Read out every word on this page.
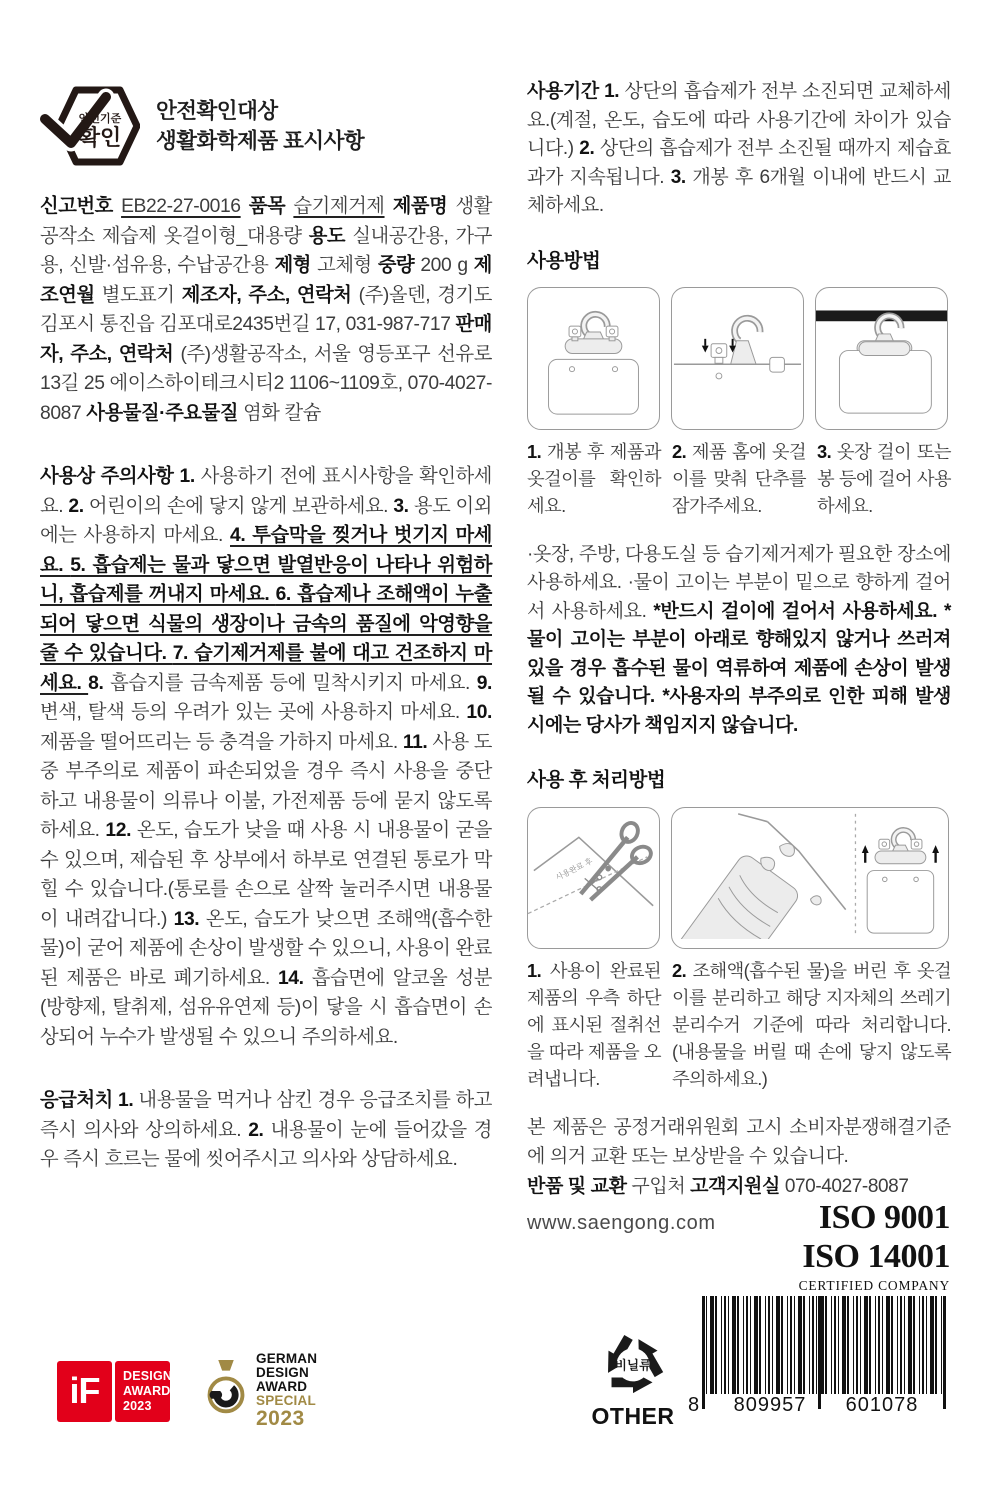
안전기준
확인
안전확인대상
생활화학제품 표시사항

신고번호 EB22-27-0016 품목 습기제거제 제품명 생활공작소 제습제 옷걸이형_대용량 용도 실내공간용, 가구용, 신발·섬유용, 수납공간용 제형 고체형 중량 200 g 제조연월 별도표기 제조자, 주소, 연락처 (주)올덴, 경기도 김포시 통진읍 김포대로2435번길 17, 031-987-717 판매자, 주소, 연락처 (주)생활공작소, 서울 영등포구 선유로13길 25 에이스하이테크시티2 1106~1109호, 070-4027-8087 사용물질·주요물질 염화 칼슘

사용상 주의사항 1. 사용하기 전에 표시사항을 확인하세요. 2. 어린이의 손에 닿지 않게 보관하세요. 3. 용도 이외에는 사용하지 마세요. 4. 투습막을 찢거나 벗기지 마세요. 5. 흡습제는 물과 닿으면 발열반응이 나타나 위험하니, 흡습제를 꺼내지 마세요. 6. 흡습제나 조해액이 누출되어 닿으면 식물의 생장이나 금속의 품질에 악영향을 줄 수 있습니다. 7. 습기제거제를 불에 대고 건조하지 마세요. 8. 흡습지를 금속제품 등에 밀착시키지 마세요. 9. 변색, 탈색 등의 우려가 있는 곳에 사용하지 마세요. 10. 제품을 떨어뜨리는 등 충격을 가하지 마세요. 11. 사용 도중 부주의로 제품이 파손되었을 경우 즉시 사용을 중단하고 내용물이 의류나 이불, 가전제품 등에 묻지 않도록 하세요. 12. 온도, 습도가 낮을 때 사용 시 내용물이 굳을 수 있으며, 제습된 후 상부에서 하부로 연결된 통로가 막힐 수 있습니다.(통로를 손으로 살짝 눌러주시면 내용물이 내려갑니다.) 13. 온도, 습도가 낮으면 조해액(흡수한 물)이 굳어 제품에 손상이 발생할 수 있으니, 사용이 완료된 제품은 바로 폐기하세요. 14. 흡습면에 알코올 성분(방향제, 탈취제, 섬유유연제 등)이 닿을 시 흡습면이 손상되어 누수가 발생될 수 있으니 주의하세요.

응급처치 1. 내용물을 먹거나 삼킨 경우 응급조치를 하고 즉시 의사와 상의하세요. 2. 내용물이 눈에 들어갔을 경우 즉시 흐르는 물에 씻어주시고 의사와 상담하세요.

사용기간 1. 상단의 흡습제가 전부 소진되면 교체하세요.(계절, 온도, 습도에 따라 사용기간에 차이가 있습니다.) 2. 상단의 흡습제가 전부 소진될 때까지 제습효과가 지속됩니다. 3. 개봉 후 6개월 이내에 반드시 교체하세요.

사용방법
1. 개봉 후 제품과 옷걸이를 확인하세요.
2. 제품 홈에 옷걸이를 맞춰 단추를 잠가주세요.
3. 옷장 걸이 또는 봉 등에 걸어 사용하세요.

·옷장, 주방, 다용도실 등 습기제거제가 필요한 장소에 사용하세요. ·물이 고이는 부분이 밑으로 향하게 걸어서 사용하세요. *반드시 걸이에 걸어서 사용하세요. *물이 고이는 부분이 아래로 향해있지 않거나 쓰러져 있을 경우 흡수된 물이 역류하여 제품에 손상이 발생될 수 있습니다. *사용자의 부주의로 인한 피해 발생 시에는 당사가 책임지지 않습니다.

사용 후 처리방법
사용완료 후
1. 사용이 완료된 제품의 우측 하단에 표시된 절취선을 따라 제품을 오려냅니다.
2. 조해액(흡수된 물)을 버린 후 옷걸이를 분리하고 해당 지자체의 쓰레기 분리수거 기준에 따라 처리합니다.(내용물을 버릴 때 손에 닿지 않도록 주의하세요.)

본 제품은 공정거래위원회 고시 소비자분쟁해결기준에 의거 교환 또는 보상받을 수 있습니다.

반품 및 교환 구입처 고객지원실 070-4027-8087

www.saengong.com	ISO 9001
ISO 14001
CERTIFIED COMPANY
iF DESIGN
AWARD
2023
GERMAN
DESIGN
AWARD
SPECIAL
2023
비닐류
OTHER 8	809957	601078
